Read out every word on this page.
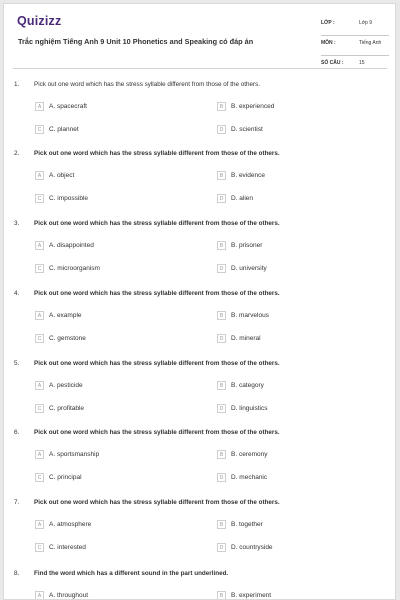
Quizizz
Trắc nghiệm Tiếng Anh 9 Unit 10 Phonetics and Speaking có đáp án
LỚP :	Lớp 9
MÔN :	Tiếng Anh
SỐ CÂU :	15
1. Pick out one word which has the stress syllable different from those of the others.
A	A. spacecraft	B	B. experienced
C	C. plannet	D	D. scientist
2. Pick out one word which has the stress syllable different from those of the others.
A	A. object	B	B. evidence
C	C. impossible	D	D. alien
3. Pick out one word which has the stress syllable different from those of the others.
A	A. disappointed	B	B. prisoner
C	C. microorganism	D	D. university
4. Pick out one word which has the stress syllable different from those of the others.
A	A. example	B	B. marvelous
C	C. gemstone	D	D. mineral
5. Pick out one word which has the stress syllable different from those of the others.
A	A. pesticide	B	B. category
C	C. profitable	D	D. linguistics
6. Pick out one word which has the stress syllable different from those of the others.
A	A. sportsmanship	B	B. ceremony
C	C. principal	D	D. mechanic
7. Pick out one word which has the stress syllable different from those of the others.
A	A. atmosphere	B	B. together
C	C. interested	D	D. countryside
8. Find the word which has a different sound in the part underlined.
A	A. throughout	B	B. experiment
